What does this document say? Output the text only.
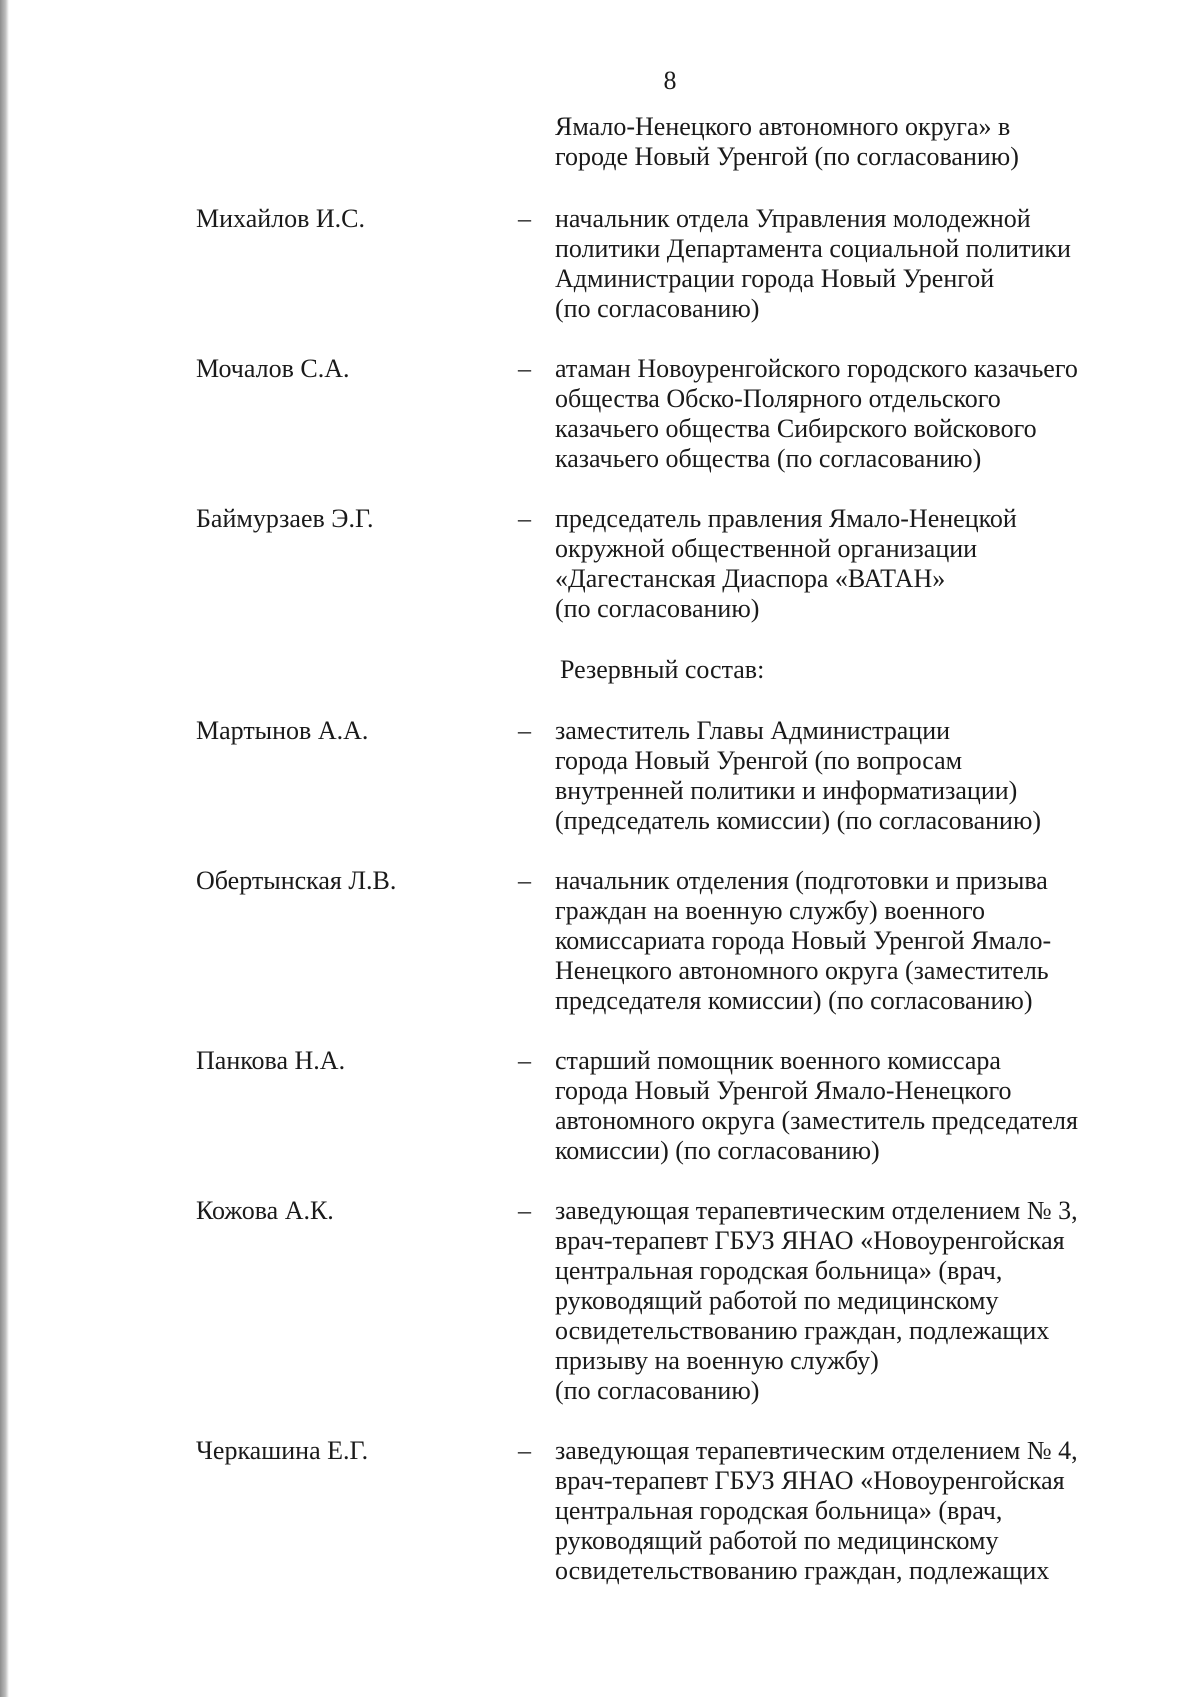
8

Ямало-Ненецкого автономного округа» в

городе Новый Уренгой (по согласованию)

Михайлов И.С.	– начальник отдела Управления молодежной

политики Департамента социальной политики

Администрации города Новый Уренгой

(по согласованию)

Мочалов С.А.	– атаман Новоуренгойского городского казачьего

общества Обско-Полярного отдельского

казачьего общества Сибирского войскового

казачьего общества (по согласованию)

Баймурзаев Э.Г.	– председатель правления Ямало-Ненецкой

окружной общественной организации

«Дагестанская Диаспора «ВАТАН»

(по согласованию)

Резервный состав:
Мартынов А.А.	– заместитель Главы Администрации

города Новый Уренгой (по вопросам

внутренней политики и информатизации)

(председатель комиссии) (по согласованию)

Обертынская Л.В.	– начальник отделения (подготовки и призыва

граждан на военную службу) военного

комиссариата города Новый Уренгой Ямало-

Ненецкого автономного округа (заместитель

председателя комиссии) (по согласованию)

Панкова Н.А.	– старший помощник военного комиссара

города Новый Уренгой Ямало-Ненецкого

автономного округа (заместитель председателя

комиссии) (по согласованию)

Кожова А.К.	– заведующая терапевтическим отделением № 3,

врач-терапевт ГБУЗ ЯНАО «Новоуренгойская

центральная городская больница» (врач,

руководящий работой по медицинскому

освидетельствованию граждан, подлежащих

призыву на военную службу)

(по согласованию)

Черкашина Е.Г.	– заведующая терапевтическим отделением № 4,

врач-терапевт ГБУЗ ЯНАО «Новоуренгойская

центральная городская больница» (врач,

руководящий работой по медицинскому

освидетельствованию граждан, подлежащих
